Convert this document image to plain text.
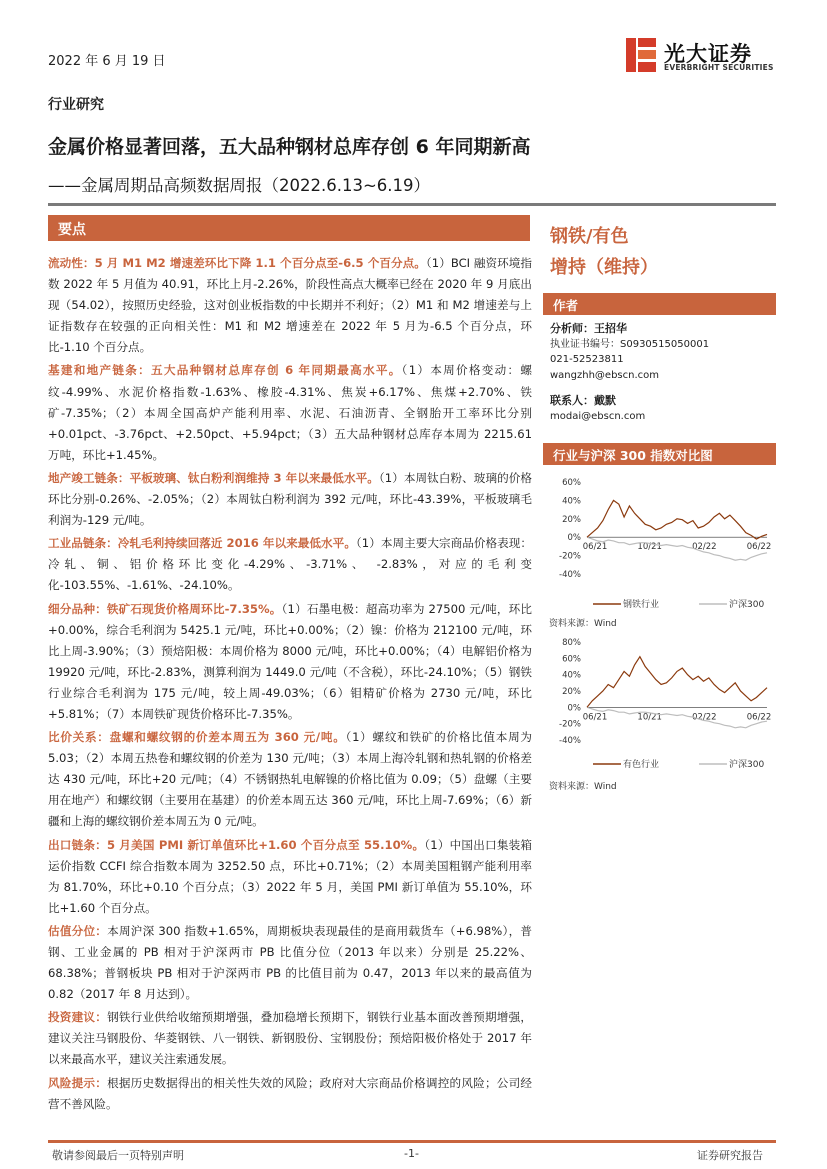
2022 年 6 月 19 日	光大证券
EVERBRIGHT SECURITIES
行业研究
金属价格显著回落，五大品种钢材总库存创 6 年同期新高
——金属周期品高频数据周报（2022.6.13~6.19）
要点

流动性：5 月 M1 M2 增速差环比下降 1.1 个百分点至-6.5 个百分点。（1）BCI 融资环境指数 2022 年 5 月值为 40.91，环比上月-2.26%，阶段性高点大概率已经在 2020 年 9 月底出现（54.02），按照历史经验，这对创业板指数的中长期并不利好；（2）M1 和 M2 增速差与上证指数存在较强的正向相关性：M1 和 M2 增速差在 2022 年 5 月为-6.5 个百分点，环比-1.10 个百分点。

基建和地产链条：五大品种钢材总库存创 6 年同期最高水平。（1）本周价格变动：螺纹-4.99%、水泥价格指数-1.63%、橡胶-4.31%、焦炭+6.17%、焦煤+2.70%、铁矿-7.35%；（2）本周全国高炉产能利用率、水泥、石油沥青、全钢胎开工率环比分别+0.01pct、-3.76pct、+2.50pct、+5.94pct；（3）五大品种钢材总库存本周为 2215.61 万吨，环比+1.45%。

地产竣工链条：平板玻璃、钛白粉利润维持 3 年以来最低水平。（1）本周钛白粉、玻璃的价格环比分别-0.26%、-2.05%；（2）本周钛白粉利润为 392 元/吨，环比-43.39%，平板玻璃毛利润为-129 元/吨。

工业品链条：冷轧毛利持续回落近 2016 年以来最低水平。（1）本周主要大宗商品价格表现：冷轧、铜、铝价格环比变化-4.29%、-3.71%、 -2.83%，对应的毛利变化-103.55%、-1.61%、-24.10%。

细分品种：铁矿石现货价格周环比-7.35%。（1）石墨电极：超高功率为 27500 元/吨，环比+0.00%，综合毛利润为 5425.1 元/吨，环比+0.00%；（2）镍：价格为 212100 元/吨，环比上周-3.90%；（3）预焙阳极：本周价格为 8000 元/吨，环比+0.00%；（4）电解铝价格为 19920 元/吨，环比-2.83%，测算利润为 1449.0 元/吨（不含税），环比-24.10%；（5）钢铁行业综合毛利润为 175 元/吨，较上周-49.03%；（6）钼精矿价格为 2730 元/吨，环比+5.81%；（7）本周铁矿现货价格环比-7.35%。

比价关系：盘螺和螺纹钢的价差本周五为 360 元/吨。（1）螺纹和铁矿的价格比值本周为 5.03；（2）本周五热卷和螺纹钢的价差为 130 元/吨；（3）本周上海冷轧钢和热轧钢的价格差达 430 元/吨，环比+20 元/吨；（4）不锈钢热轧电解镍的价格比值为 0.09；（5）盘螺（主要用在地产）和螺纹钢（主要用在基建）的价差本周五达 360 元/吨，环比上周-7.69%；（6）新疆和上海的螺纹钢价差本周五为 0 元/吨。

出口链条：5 月美国 PMI 新订单值环比+1.60 个百分点至 55.10%。（1）中国出口集装箱运价指数 CCFI 综合指数本周为 3252.50 点，环比+0.71%；（2）本周美国粗钢产能利用率为 81.70%，环比+0.10 个百分点；（3）2022 年 5 月，美国 PMI 新订单值为 55.10%，环比+1.60 个百分点。

估值分位：本周沪深 300 指数+1.65%，周期板块表现最佳的是商用载货车（+6.98%），普钢、工业金属的 PB 相对于沪深两市 PB 比值分位（2013 年以来）分别是 25.22%、68.38%；普钢板块 PB 相对于沪深两市 PB 的比值目前为 0.47，2013 年以来的最高值为 0.82（2017 年 8 月达到）。

投资建议：钢铁行业供给收缩预期增强，叠加稳增长预期下，钢铁行业基本面改善预期增强，建议关注马钢股份、华菱钢铁、八一钢铁、新钢股份、宝钢股份；预焙阳极价格处于 2017 年以来最高水平，建议关注索通发展。

风险提示：根据历史数据得出的相关性失效的风险；政府对大宗商品价格调控的风险；公司经营不善风险。

钢铁/有色
增持（维持）
作者
分析师：王招华
执业证书编号：S0930515050001
021-52523811
wangzhh@ebscn.com
联系人：戴默
modai@ebscn.com
行业与沪深 300 指数对比图
60%
40%
20%
0%
-20%
-40%
06/21	10/21	02/22	06/22
钢铁行业	沪深300
资料来源：Wind
80%
60%
40%
20%
0%
-20%
-40%
06/21	10/21	02/22	06/22
有色行业	沪深300
资料来源：Wind
敬请参阅最后一页特别声明	-1-	证券研究报告
